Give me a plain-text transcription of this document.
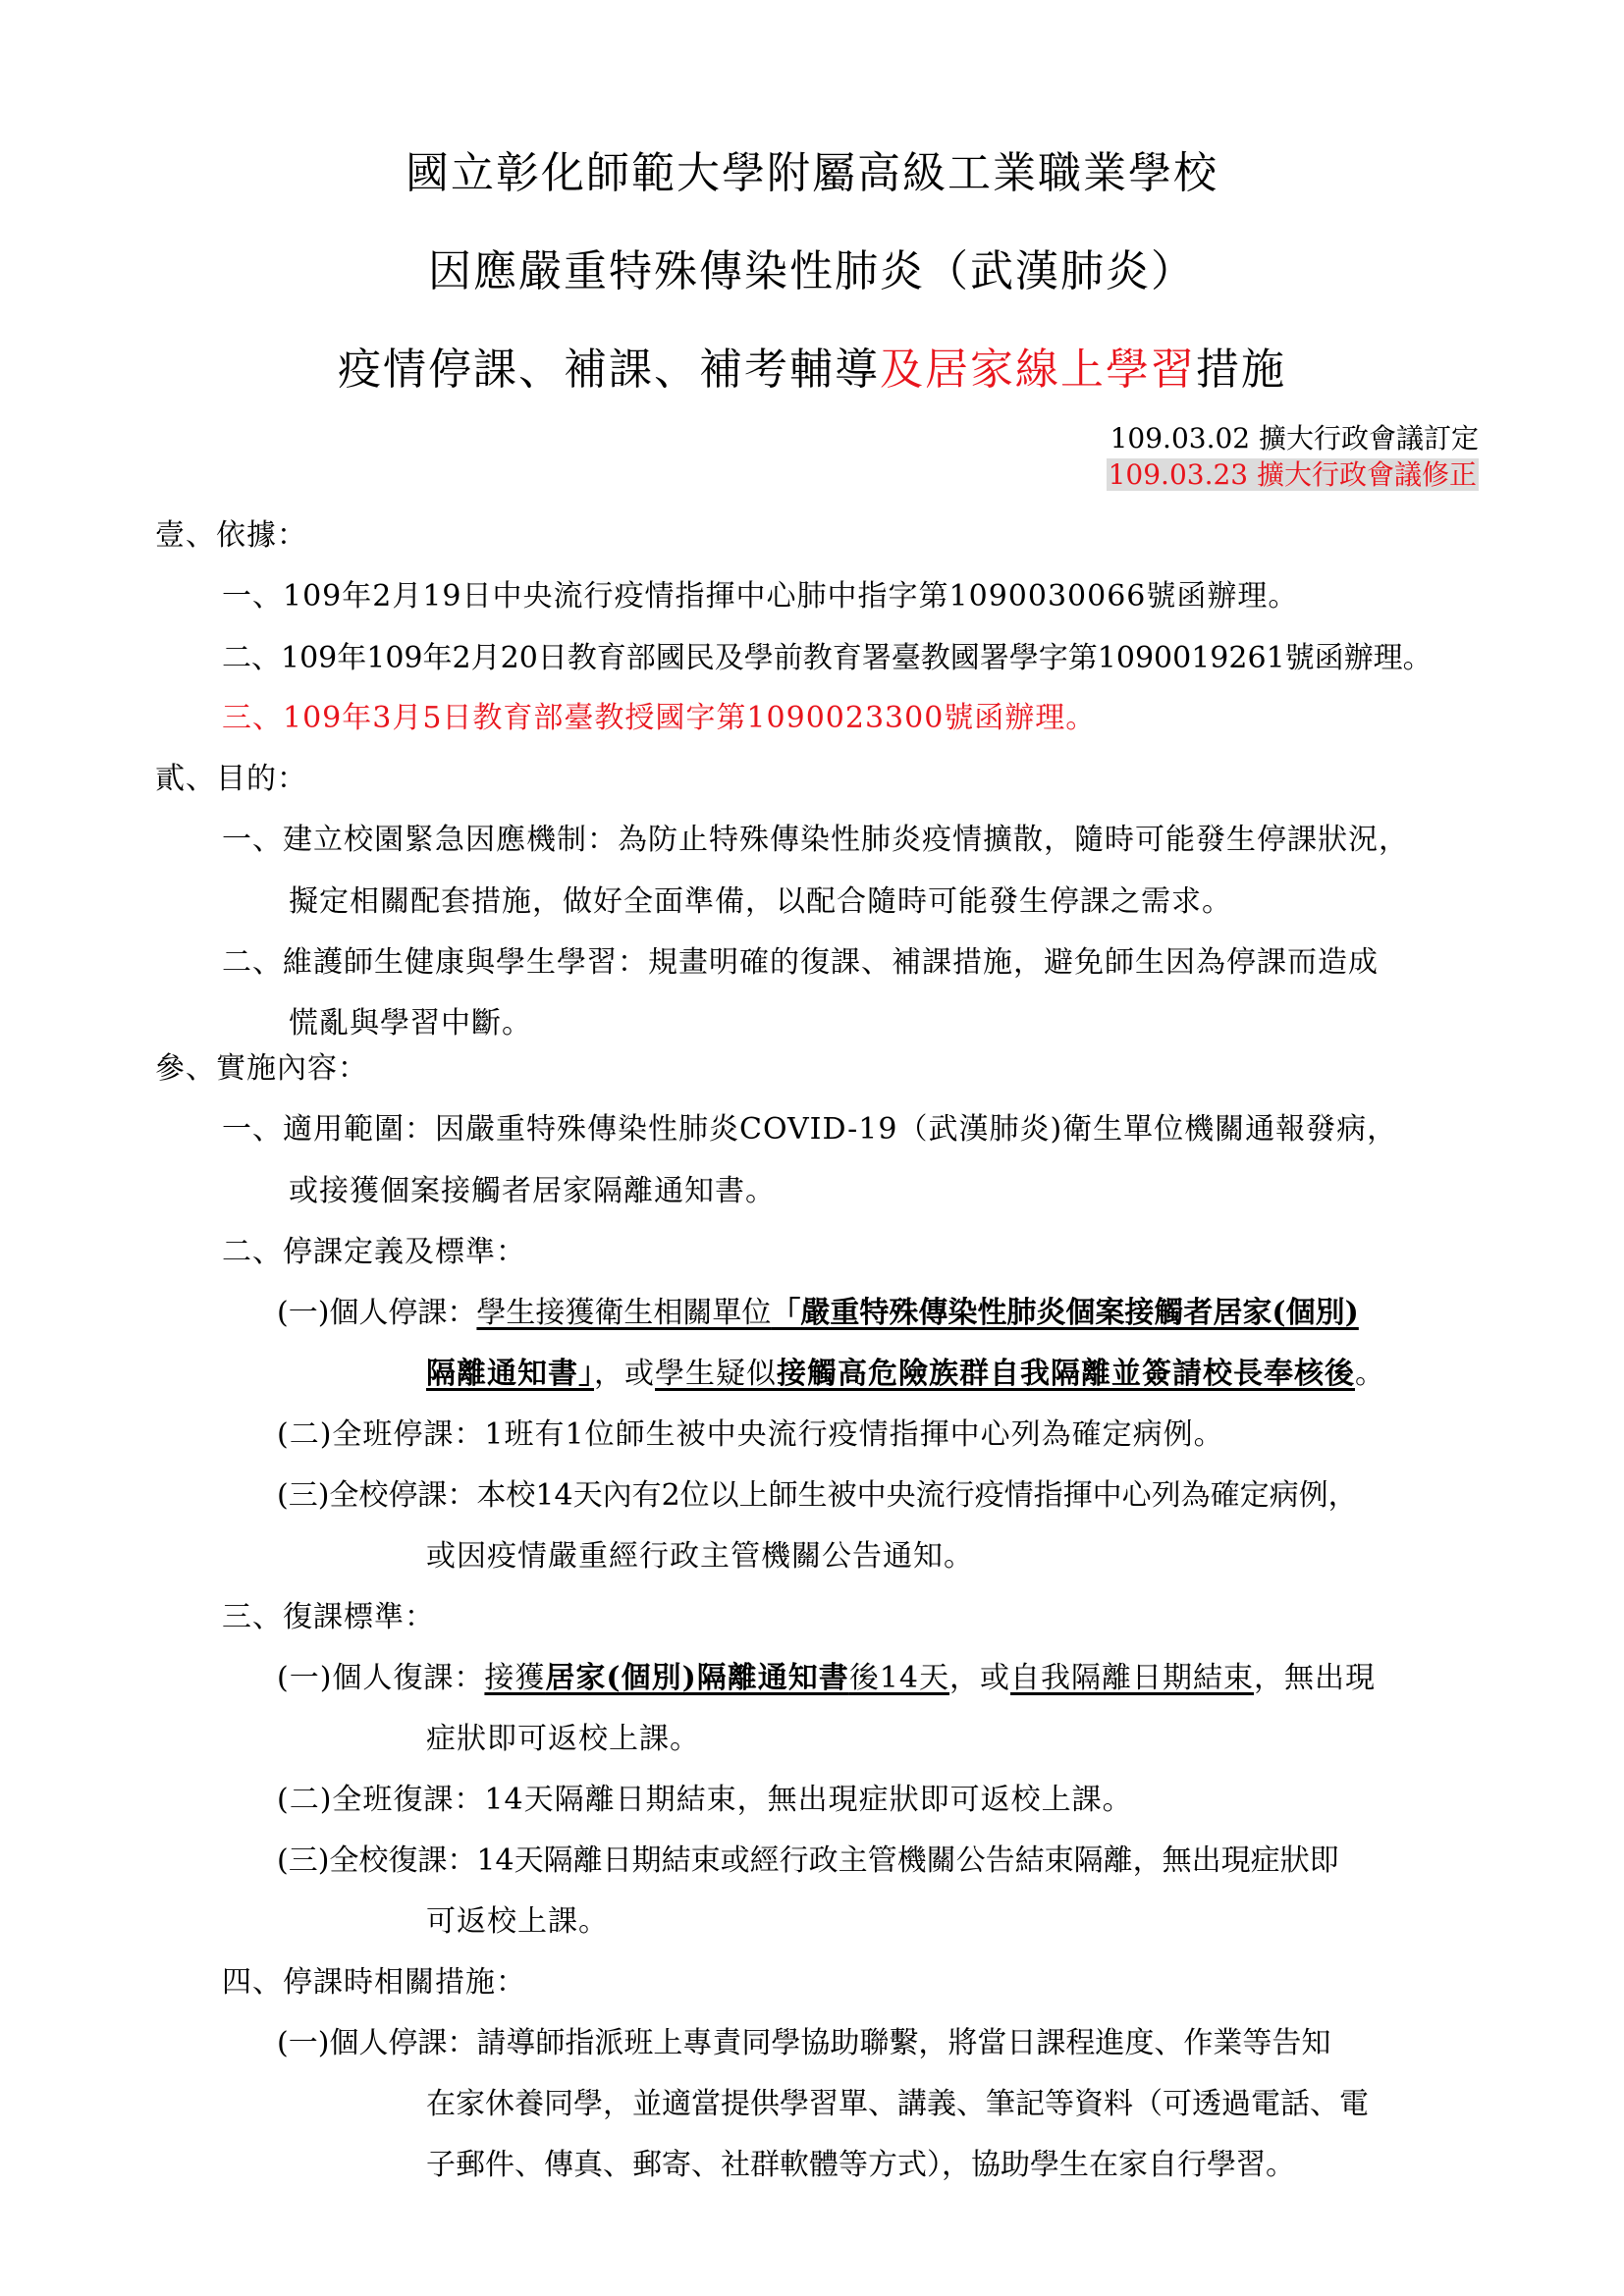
國立彰化師範大學附屬高級工業職業學校
因應嚴重特殊傳染性肺炎（武漢肺炎）
疫情停課、補課、補考輔導及居家線上學習措施
109.03.02 擴大行政會議訂定
109.03.23 擴大行政會議修正
壹、依據：
一、109年2月19日中央流行疫情指揮中心肺中指字第1090030066號函辦理。
二、109年109年2月20日教育部國民及學前教育署臺教國署學字第1090019261號函辦理。
三、109年3月5日教育部臺教授國字第1090023300號函辦理。
貳、目的：
一、建立校園緊急因應機制：為防止特殊傳染性肺炎疫情擴散，隨時可能發生停課狀況，
擬定相關配套措施，做好全面準備，以配合隨時可能發生停課之需求。
二、維護師生健康與學生學習：規畫明確的復課、補課措施，避免師生因為停課而造成
慌亂與學習中斷。
參、實施內容：
一、適用範圍：因嚴重特殊傳染性肺炎COVID-19（武漢肺炎)衛生單位機關通報發病，
或接獲個案接觸者居家隔離通知書。
二、停課定義及標準：
(一)個人停課：學生接獲衛生相關單位「嚴重特殊傳染性肺炎個案接觸者居家(個別)
隔離通知書」，或學生疑似接觸高危險族群自我隔離並簽請校長奉核後。
(二)全班停課：1班有1位師生被中央流行疫情指揮中心列為確定病例。
(三)全校停課：本校14天內有2位以上師生被中央流行疫情指揮中心列為確定病例，
或因疫情嚴重經行政主管機關公告通知。
三、復課標準：
(一)個人復課：接獲居家(個別)隔離通知書後14天，或自我隔離日期結束，無出現
症狀即可返校上課。
(二)全班復課：14天隔離日期結束，無出現症狀即可返校上課。
(三)全校復課：14天隔離日期結束或經行政主管機關公告結束隔離，無出現症狀即
可返校上課。
四、停課時相關措施：
(一)個人停課：請導師指派班上專責同學協助聯繫，將當日課程進度、作業等告知
在家休養同學，並適當提供學習單、講義、筆記等資料（可透過電話、電
子郵件、傳真、郵寄、社群軟體等方式），協助學生在家自行學習。
